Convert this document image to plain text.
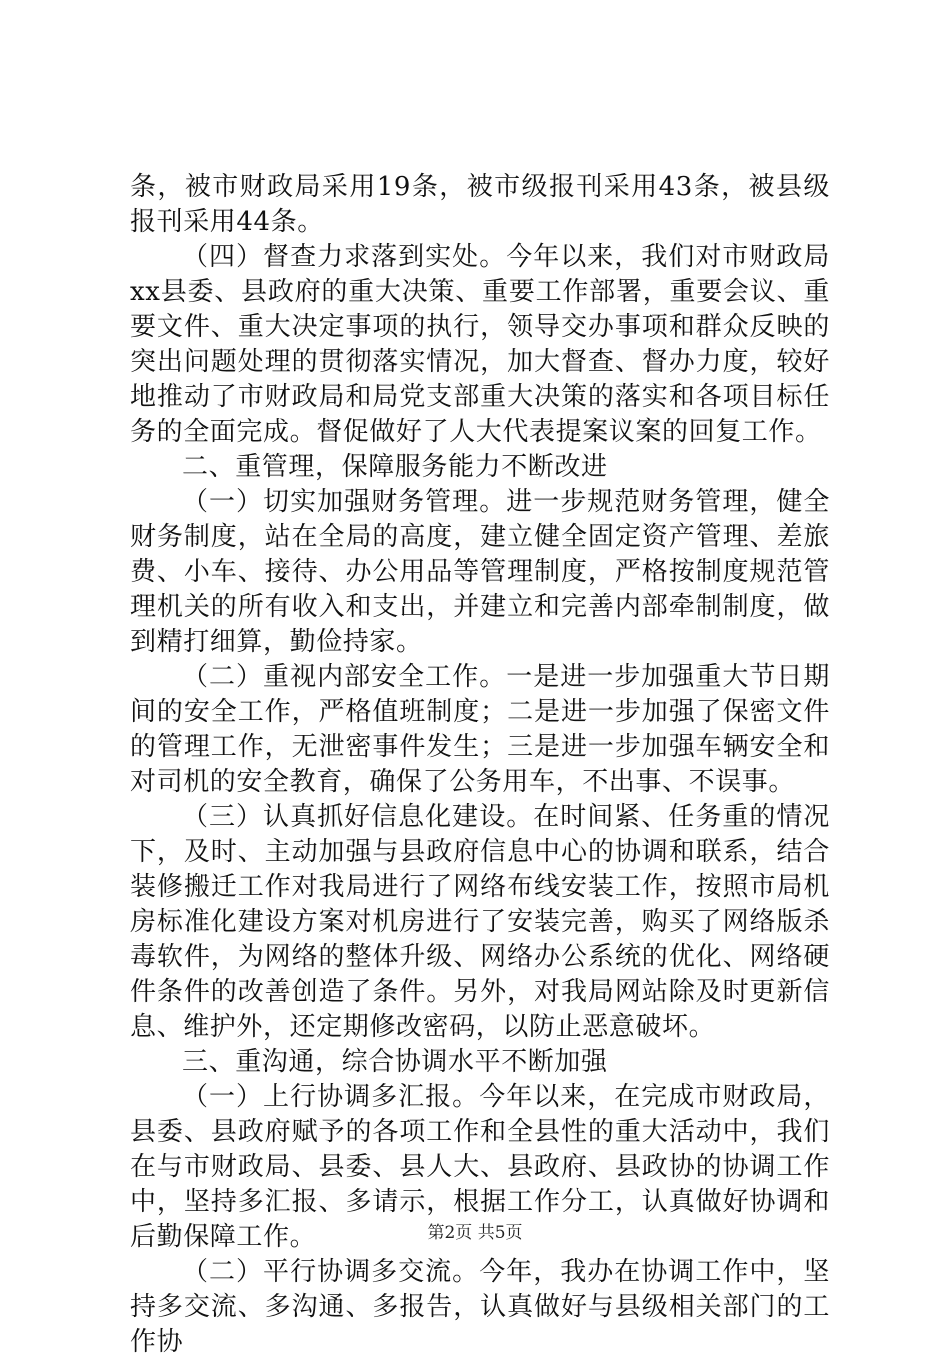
条，被市财政局采用19条，被市级报刊采用43条，被县级报刊采用44条。

（四）督查力求落到实处。今年以来，我们对市财政局xx县委、县政府的重大决策、重要工作部署，重要会议、重要文件、重大决定事项的执行，领导交办事项和群众反映的突出问题处理的贯彻落实情况，加大督查、督办力度，较好地推动了市财政局和局党支部重大决策的落实和各项目标任务的全面完成。督促做好了人大代表提案议案的回复工作。

二、重管理，保障服务能力不断改进

（一）切实加强财务管理。进一步规范财务管理，健全财务制度，站在全局的高度，建立健全固定资产管理、差旅费、小车、接待、办公用品等管理制度，严格按制度规范管理机关的所有收入和支出，并建立和完善内部牵制制度，做到精打细算，勤俭持家。

（二）重视内部安全工作。一是进一步加强重大节日期间的安全工作，严格值班制度；二是进一步加强了保密文件的管理工作，无泄密事件发生；三是进一步加强车辆安全和对司机的安全教育，确保了公务用车，不出事、不误事。

（三）认真抓好信息化建设。在时间紧、任务重的情况下，及时、主动加强与县政府信息中心的协调和联系，结合装修搬迁工作对我局进行了网络布线安装工作，按照市局机房标准化建设方案对机房进行了安装完善，购买了网络版杀毒软件，为网络的整体升级、网络办公系统的优化、网络硬件条件的改善创造了条件。另外，对我局网站除及时更新信息、维护外，还定期修改密码，以防止恶意破坏。

三、重沟通，综合协调水平不断加强

（一）上行协调多汇报。今年以来，在完成市财政局，县委、县政府赋予的各项工作和全县性的重大活动中，我们在与市财政局、县委、县人大、县政府、县政协的协调工作中，坚持多汇报、多请示，根据工作分工，认真做好协调和后勤保障工作。

（二）平行协调多交流。今年，我办在协调工作中，坚持多交流、多沟通、多报告，认真做好与县级相关部门的工作协

第2页 共5页
